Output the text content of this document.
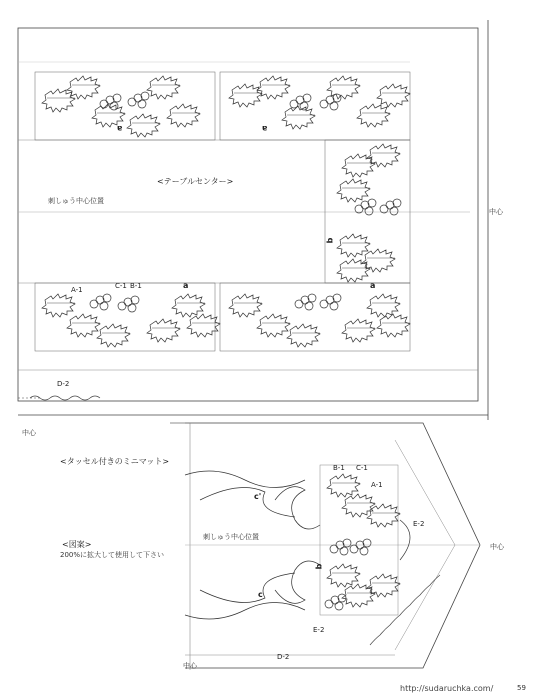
<テーブルセンター>
刺しゅう中心位置
中心
中心
a	a
b
a	a
A-1	C-1 B-1
D-2
<タッセル付きのミニマット>
<図案>
200%に拡大して使用して下さい
刺しゅう中心位置
中心
中心
B-1 C-1
A-1
c'
c
b
E-2
E-2
D-2
http://sudaruchka.com/	59
